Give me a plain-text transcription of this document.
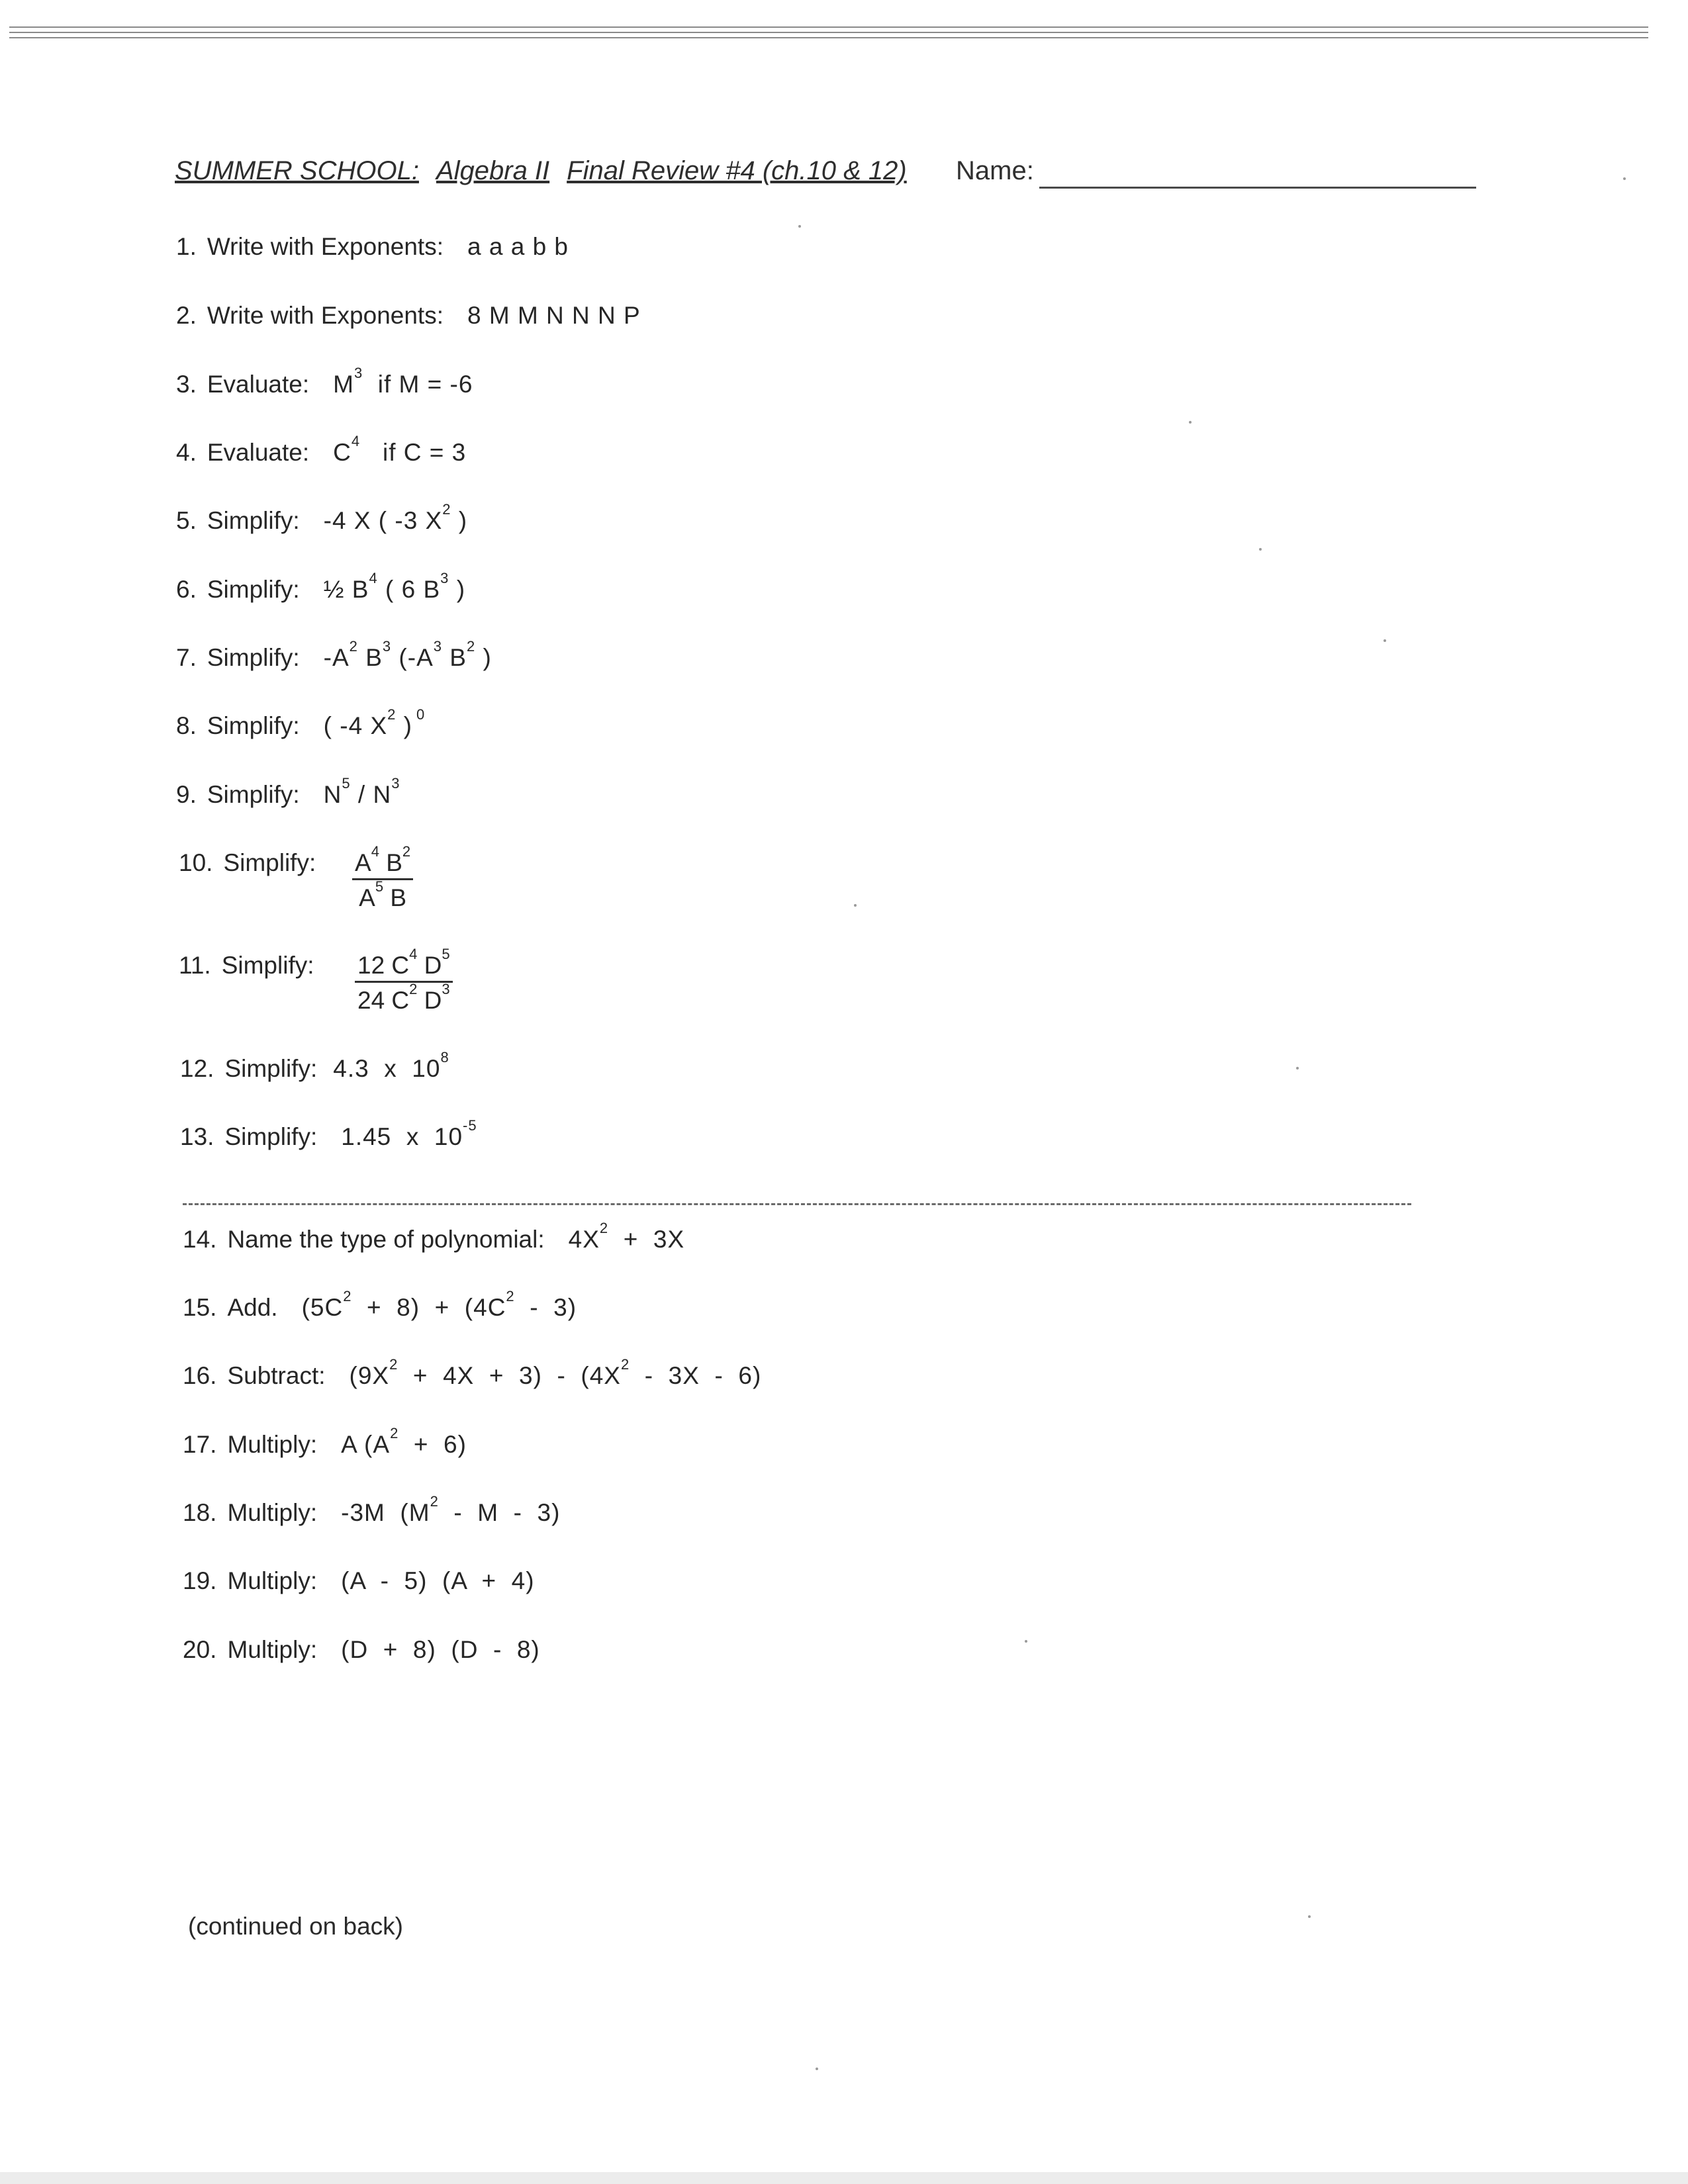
SUMMER SCHOOL: Algebra II Final Review #4 (ch.10 & 12) Name:
1. Write with Exponents: a a a b b
2. Write with Exponents: 8 M M N N N P
3. Evaluate: $M^3$ if M = -6
4. Evaluate: $C^4$ if C = 3
5. Simplify: -4 X ( -3 $X^2$ )
6. Simplify: ½ $B^4$ ( 6 $B^3$ )
7. Simplify: $-A^2$ $B^3$ ($-A^3$ $B^2$ )
8. Simplify: ( -4 $X^2$ ) $^0$
9. Simplify: $N^5 / N^3$
10. Simplify:	$\frac{A^4 B^2}{A^5 B}$
11. Simplify:	$\frac{12 C^4 D^5}{24 C^2 D^3}$
12. Simplify: 4.3  x  $10^8$
13. Simplify: 1.45  x  $10^{-5}$
14. Name the type of polynomial: $4X^2 + 3X$
15. Add. $(5C^2 + 8) + (4C^2 - 3)$
16. Subtract: $(9X^2 + 4X + 3) - (4X^2 - 3X - 6)$
17. Multiply: A $(A^2 + 6)$
18. Multiply: -3M  ($M^2$  -  M  -  3)
19. Multiply: (A  -  5)  (A  +  4)
20. Multiply: (D  +  8)  (D  -  8)
(continued on back)
